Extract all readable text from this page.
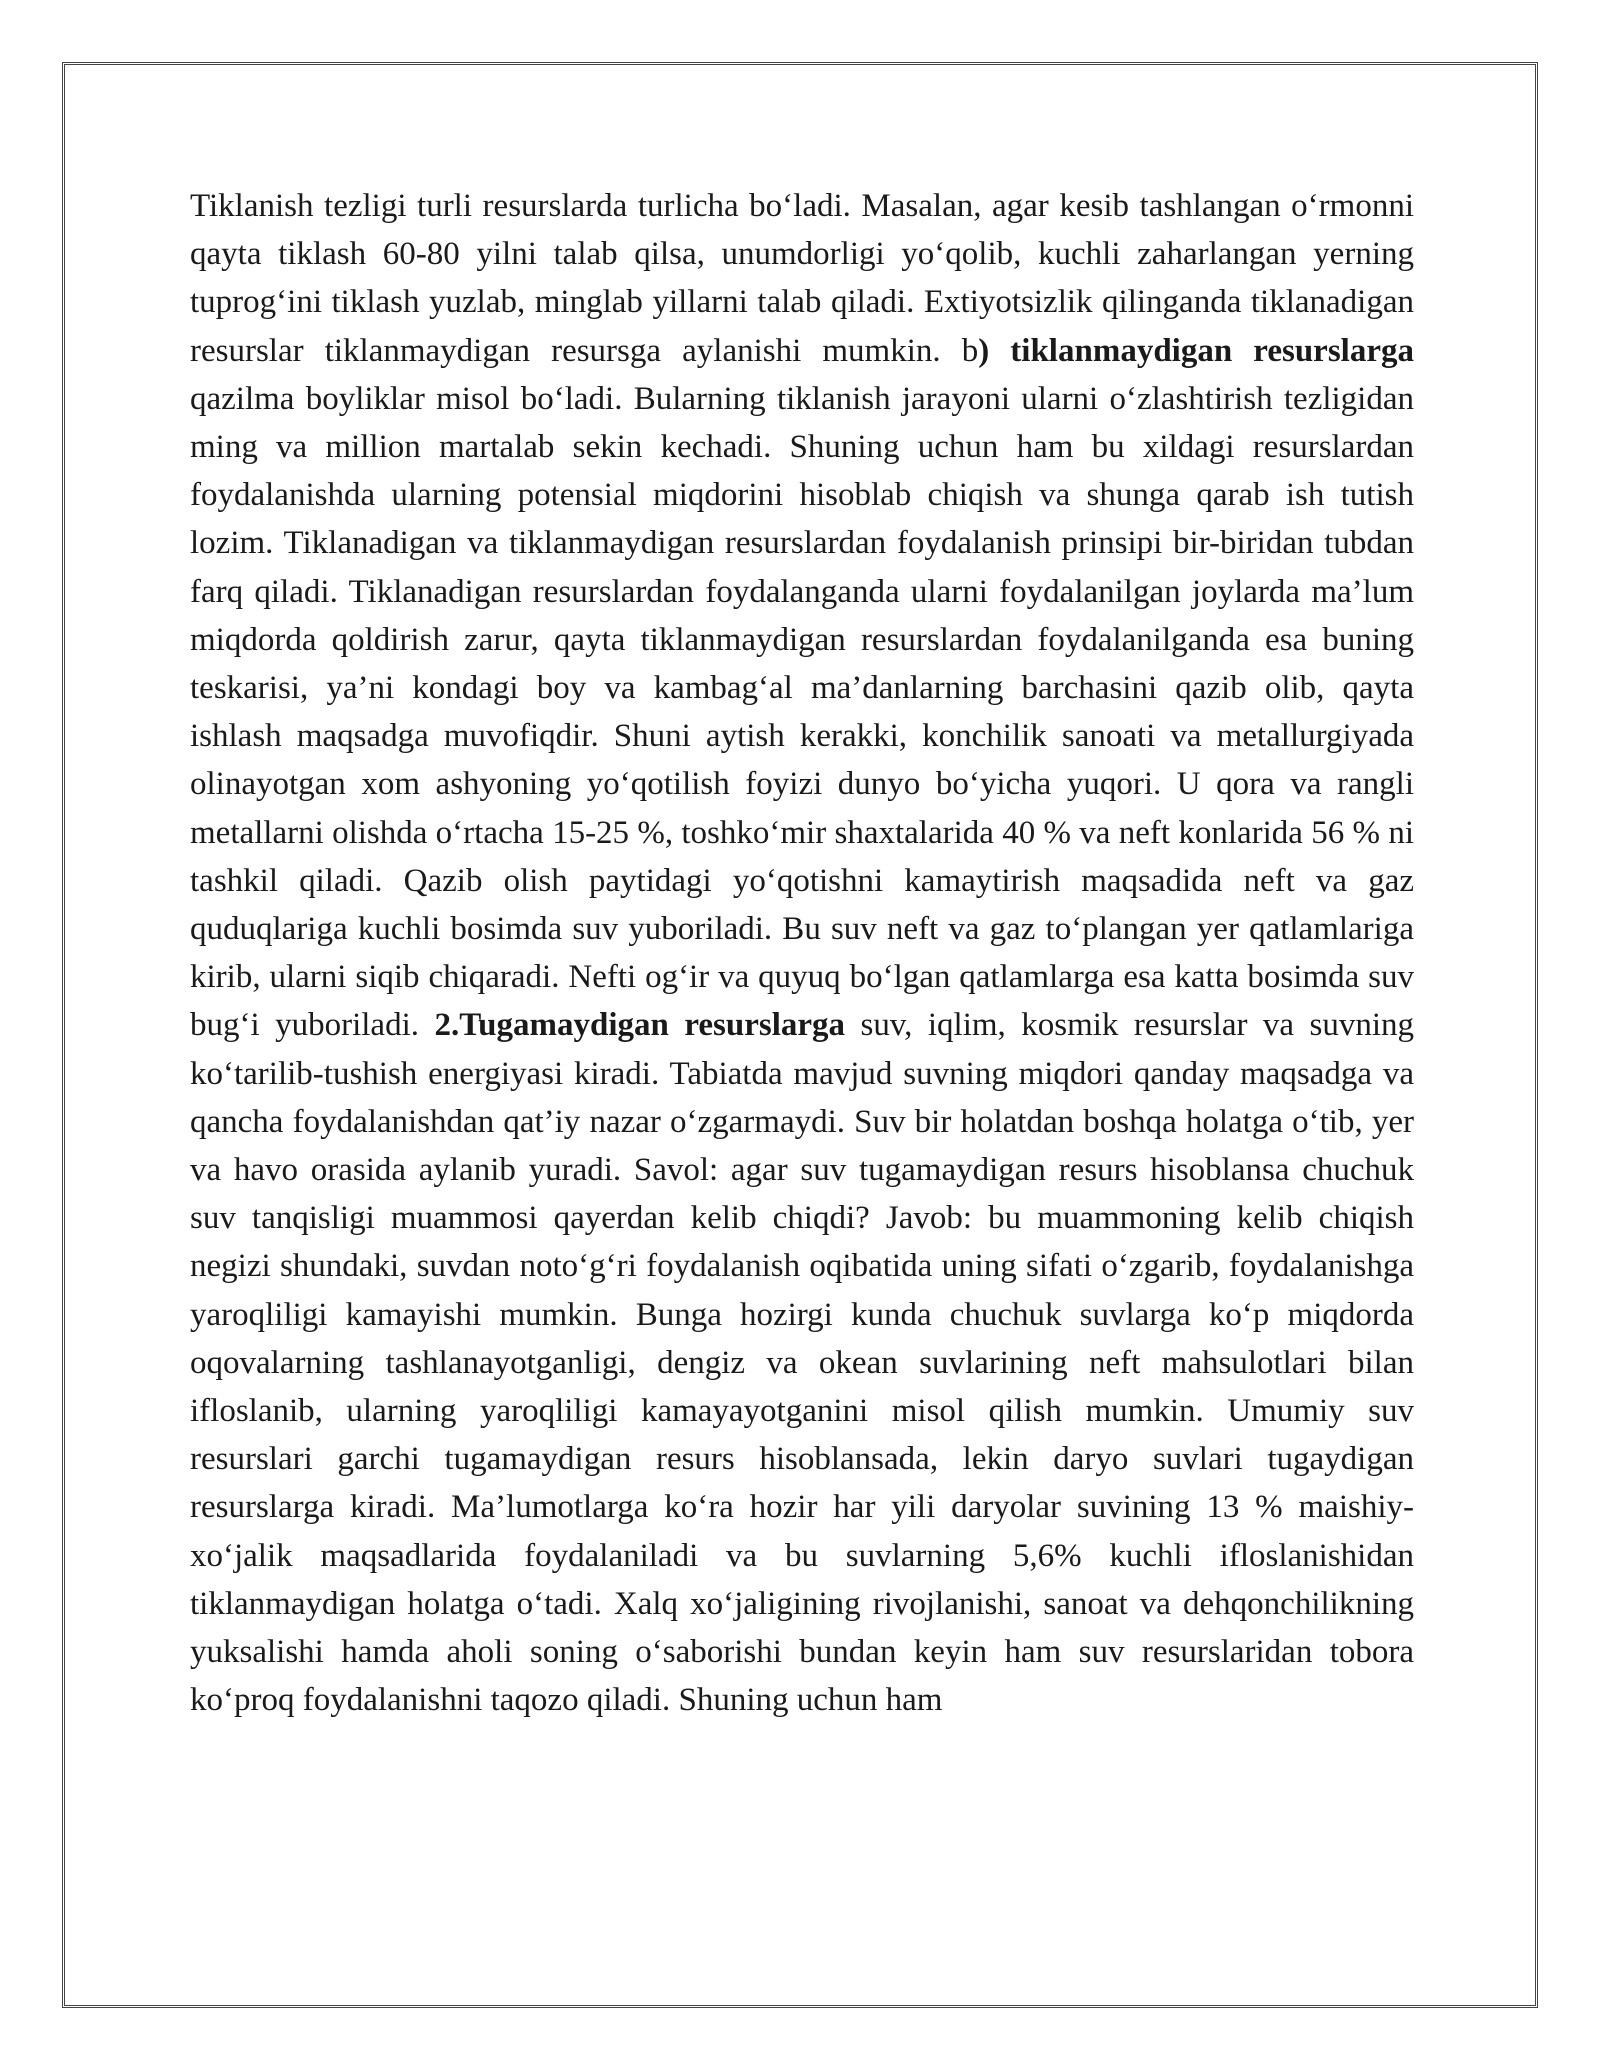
Tiklanish tezligi turli resurslarda turlicha bo‘ladi. Masalan, agar kesib tashlangan o‘rmonni qayta tiklash 60-80 yilni talab qilsa, unumdorligi yo‘qolib, kuchli zaharlangan yerning tuprog‘ini tiklash yuzlab, minglab yillarni talab qiladi. Extiyotsizlik qilinganda tiklanadigan resurslar tiklanmaydigan resursga aylanishi mumkin. b) tiklanmaydigan resurslarga qazilma boyliklar misol bo‘ladi. Bularning tiklanish jarayoni ularni o‘zlashtirish tezligidan ming va million martalab sekin kechadi. Shuning uchun ham bu xildagi resurslardan foydalanishda ularning potensial miqdorini hisoblab chiqish va shunga qarab ish tutish lozim. Tiklanadigan va tiklanmaydigan resurslardan foydalanish prinsipi bir-biridan tubdan farq qiladi. Tiklanadigan resurslardan foydalanganda ularni foydalanilgan joylarda ma’lum miqdorda qoldirish zarur, qayta tiklanmaydigan resurslardan foydalanilganda esa buning teskarisi, ya’ni kondagi boy va kambag‘al ma’danlarning barchasini qazib olib, qayta ishlash maqsadga muvofiqdir. Shuni aytish kerakki, konchilik sanoati va metallurgiyada olinayotgan xom ashyoning yo‘qotilish foyizi dunyo bo‘yicha yuqori. U qora va rangli metallarni olishda o‘rtacha 15-25 %, toshko‘mir shaxtalarida 40 % va neft konlarida 56 % ni tashkil qiladi. Qazib olish paytidagi yo‘qotishni kamaytirish maqsadida neft va gaz quduqlariga kuchli bosimda suv yuboriladi. Bu suv neft va gaz to‘plangan yer qatlamlariga kirib, ularni siqib chiqaradi. Nefti og‘ir va quyuq bo‘lgan qatlamlarga esa katta bosimda suv bug‘i yuboriladi. 2.Tugamaydigan resurslarga suv, iqlim, kosmik resurslar va suvning ko‘tarilib-tushish energiyasi kiradi. Tabiatda mavjud suvning miqdori qanday maqsadga va qancha foydalanishdan qat’iy nazar o‘zgarmaydi. Suv bir holatdan boshqa holatga o‘tib, yer va havo orasida aylanib yuradi. Savol: agar suv tugamaydigan resurs hisoblansa chuchuk suv tanqisligi muammosi qayerdan kelib chiqdi? Javob: bu muammoning kelib chiqish negizi shundaki, suvdan noto‘g‘ri foydalanish oqibatida uning sifati o‘zgarib, foydalanishga yaroqliligi kamayishi mumkin. Bunga hozirgi kunda chuchuk suvlarga ko‘p miqdorda oqovalarning tashlanayotganligi, dengiz va okean suvlarining neft mahsulotlari bilan ifloslanib, ularning yaroqliligi kamayayotganini misol qilish mumkin. Umumiy suv resurslari garchi tugamaydigan resurs hisoblansada, lekin daryo suvlari tugaydigan resurslarga kiradi. Ma’lumotlarga ko‘ra hozir har yili daryolar suvining 13 % maishiy-xo‘jalik maqsadlarida foydalaniladi va bu suvlarning 5,6% kuchli ifloslanishidan tiklanmaydigan holatga o‘tadi. Xalq xo‘jaligining rivojlanishi, sanoat va dehqonchilikning yuksalishi hamda aholi soning o‘saborishi bundan keyin ham suv resurslaridan tobora ko‘proq foydalanishni taqozo qiladi. Shuning uchun ham
